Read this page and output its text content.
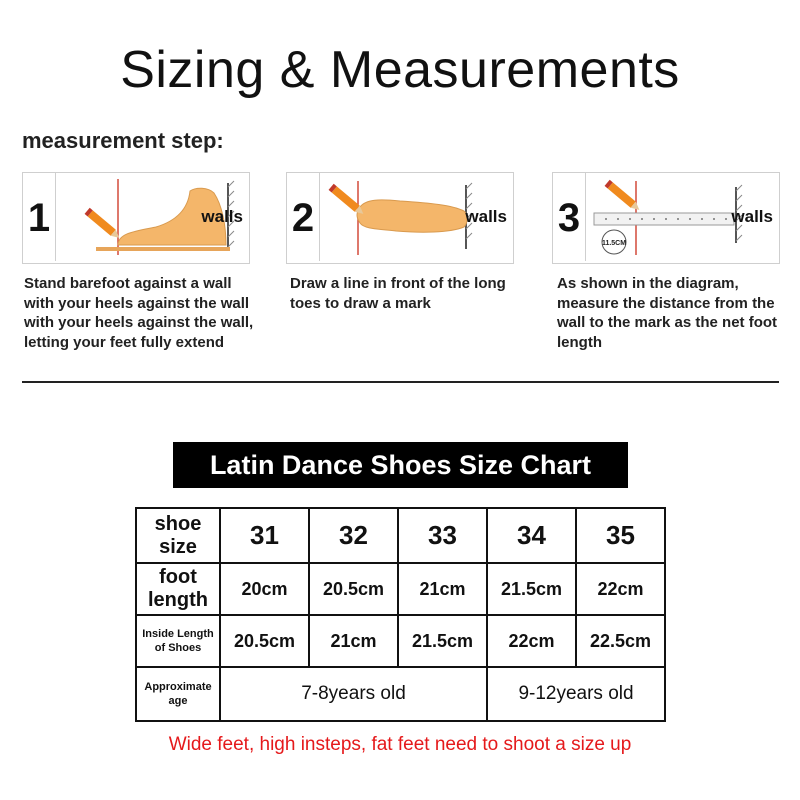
Sizing & Measurements
measurement step:
1	walls 2	walls 3
11.5CM
walls
Stand barefoot against a wall with your heels against the wall with your heels against the wall, letting your feet fully extend
Draw a line in front of the long toes to draw a mark
As shown in the diagram, measure the distance from the wall to the mark as the net foot length
Latin Dance Shoes Size Chart
shoe size	31	32	33	34	35
foot length	20cm	20.5cm	21cm	21.5cm	22cm
Inside Length of Shoes	20.5cm	21cm	21.5cm	22cm	22.5cm
Approximate age	7-8years old			9-12years old	
Wide feet, high insteps, fat feet need to shoot a size up
